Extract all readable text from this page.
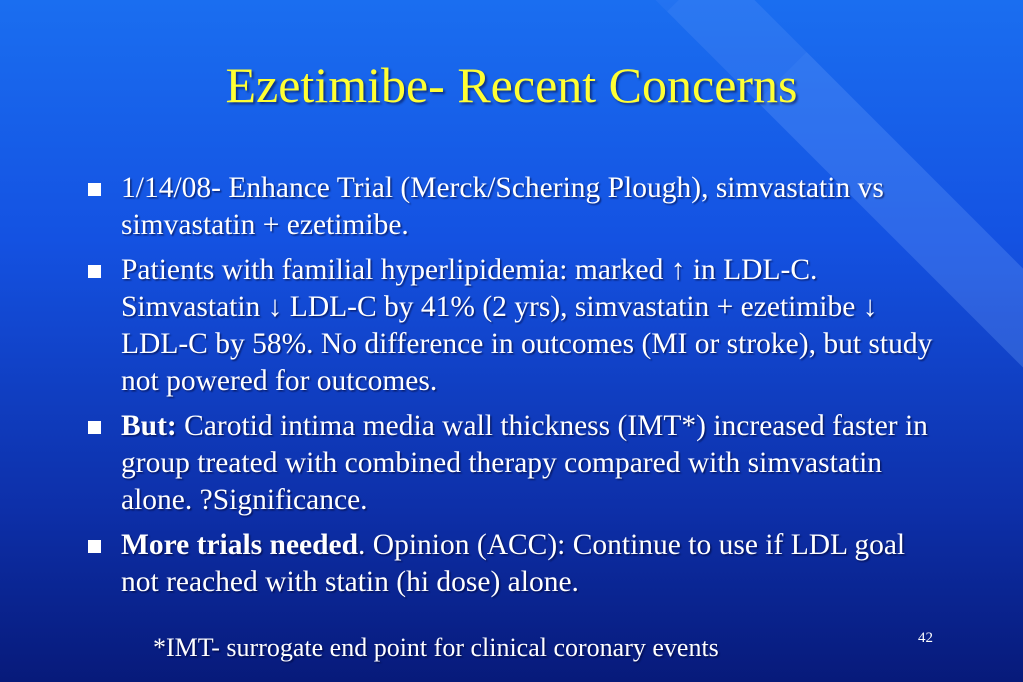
Ezetimibe- Recent Concerns
1/14/08- Enhance Trial (Merck/Schering Plough), simvastatin vs simvastatin + ezetimibe.
Patients with familial hyperlipidemia: marked ↑ in LDL-C. Simvastatin ↓ LDL-C by 41% (2 yrs), simvastatin + ezetimibe ↓ LDL-C by 58%. No difference in outcomes (MI or stroke), but study not powered for outcomes.
But: Carotid intima media wall thickness (IMT*) increased faster in group treated with combined therapy compared with simvastatin alone. ?Significance.
More trials needed. Opinion (ACC): Continue to use if LDL goal not reached with statin (hi dose) alone.
*IMT- surrogate end point for clinical coronary events	42
